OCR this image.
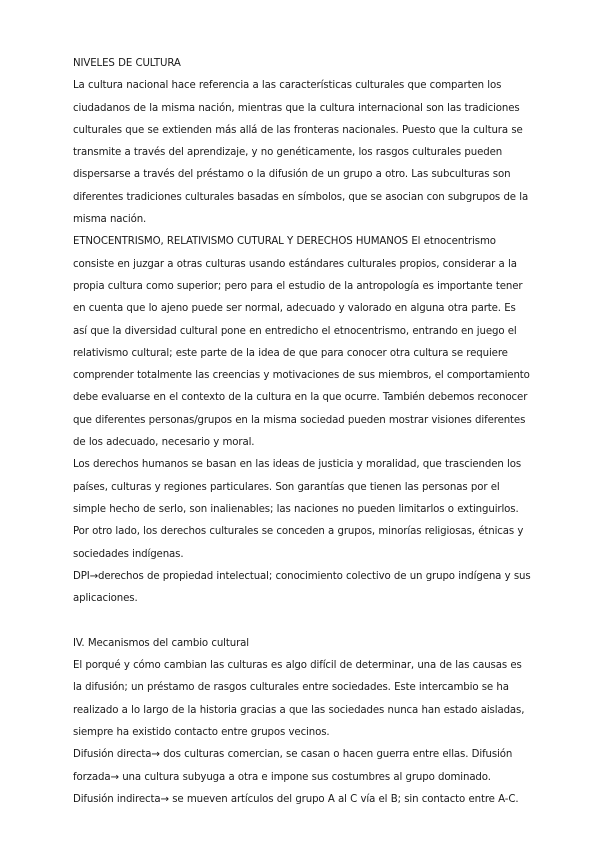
NIVELES DE CULTURA

La cultura nacional hace referencia a las características culturales que comparten los ciudadanos de la misma nación, mientras que la cultura internacional son las tradiciones culturales que se extienden más allá de las fronteras nacionales. Puesto que la cultura se transmite a través del aprendizaje, y no genéticamente, los rasgos culturales pueden dispersarse a través del préstamo o la difusión de un grupo a otro. Las subculturas son diferentes tradiciones culturales basadas en símbolos, que se asocian con subgrupos de la misma nación.

ETNOCENTRISMO, RELATIVISMO CUTURAL Y DERECHOS HUMANOS El etnocentrismo consiste en juzgar a otras culturas usando estándares culturales propios, considerar a la propia cultura como superior; pero para el estudio de la antropología es importante tener en cuenta que lo ajeno puede ser normal, adecuado y valorado en alguna otra parte. Es así que la diversidad cultural pone en entredicho el etnocentrismo, entrando en juego el relativismo cultural; este parte de la idea de que para conocer otra cultura se requiere comprender totalmente las creencias y motivaciones de sus miembros, el comportamiento debe evaluarse en el contexto de la cultura en la que ocurre. También debemos reconocer que diferentes personas/grupos en la misma sociedad pueden mostrar visiones diferentes de los adecuado, necesario y moral.

Los derechos humanos se basan en las ideas de justicia y moralidad, que trascienden los países, culturas y regiones particulares. Son garantías que tienen las personas por el simple hecho de serlo, son inalienables; las naciones no pueden limitarlos o extinguirlos. Por otro lado, los derechos culturales se conceden a grupos, minorías religiosas, étnicas y sociedades indígenas.

DPI→derechos de propiedad intelectual; conocimiento colectivo de un grupo indígena y sus aplicaciones.

IV. Mecanismos del cambio cultural

El porqué y cómo cambian las culturas es algo difícil de determinar, una de las causas es la difusión; un préstamo de rasgos culturales entre sociedades. Este intercambio se ha realizado a lo largo de la historia gracias a que las sociedades nunca han estado aisladas, siempre ha existido contacto entre grupos vecinos.

Difusión directa→ dos culturas comercian, se casan o hacen guerra entre ellas. Difusión forzada→ una cultura subyuga a otra e impone sus costumbres al grupo dominado.

Difusión indirecta→ se mueven artículos del grupo A al C vía el B; sin contacto entre A-C.
